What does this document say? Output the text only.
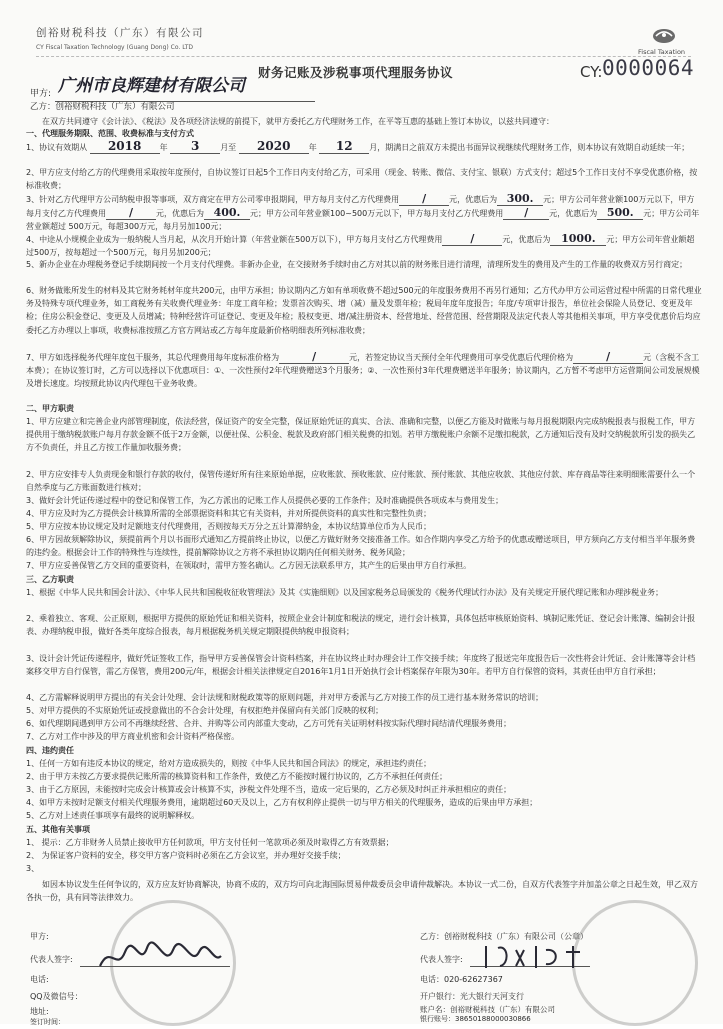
创裕财税科技（广东）有限公司
CY Fiscal Taxation Technology (Guang Dong) Co. LTD
Fiscal Taxation
财务记账及涉税事项代理服务协议	CY: 0000064
甲方: 广州市良辉建材有限公司
乙方：创裕财税科技（广东）有限公司
在双方共同遵守《会计法》、《税法》及各项经济法规的前提下，就甲方委托乙方代理财务工作，在平等互惠的基础上签订本协议，以兹共同遵守：
一、代理服务期限、范围、收费标准与支付方式
1、协议有效期从 2018 年 3	月至 2020 年 12 月，期满日之前双方未提出书面异议视继续代理财务工作，则本协议有效期自动延续一年；
2、甲方应支付给乙方的代理费用采取按年度预付，自协议签订日起5个工作日内支付给乙方，可采用（现金、转账、微信、支付宝、银联）方式支付；超过5个工作日支付不享受优惠价格，按标准收费；
3、针对乙方代理甲方公司纳税申报等事项，双方商定在甲方公司零申报期间，甲方每月支付乙方代理费用 /	元，优惠后为 300. 元；甲方公司年营业额100万元以下，甲方每月支付乙方代理费用 /	元，优惠后为 400. 元；甲方公司年营业额100~500万元以下，甲方每月支付乙方代理费用 /	元，优惠后为 500. 元；甲方公司年营业额超过 500万元，每超300万元，每月另加100元；
4、中途从小规模企业成为一般纳税人当月起，从次月开始计算（年营业额在500万以下），甲方每月支付乙方代理费用	/	元，优惠后为 1000. 元；甲方公司年营业额超过500万，按每超过一个500万元，每月另加200元；
5、新办企业在办理税务登记手续期间按一个月支付代理费。非新办企业，在交接财务手续时由乙方对其以前的财务账目进行清理，清理所发生的费用及产生的工作量的收费双方另行商定；
6、财务做账所发生的材料及其它财务耗材年度共200元，由甲方承担；协议期内乙方如有单项收费不超过500元的年度服务费用不再另行通知；乙方代办甲方公司运营过程中所需的日常代理业务及特殊专项代理业务，如工商税务有关收费代理业务：年度工商年检；发票首次购买、增（减）量及发票年检；税局年度年度报告；年度/专项审计报告，单位社会保险人员登记、变更及年检；住房公积金登记、变更及人员增减；特种经营许可证登记、变更及年检；股权变更、增/减注册资本、经营地址、经营范围、经营期限及法定代表人等其他相关事项，甲方享受优惠价后均应委托乙方办理以上事项，收费标准按照乙方官方网站或乙方每年度最新价格明细表所列标准收费；
7、甲方如选择税务代理年度包干服务，其总代理费用每年度标准价格为	/	元，若签定协议当天预付全年代理费用可享受优惠后代理价格为	/	元（含税不含工本费）；在协议签订时，乙方可以选择以下优惠项目：①、一次性预付2年代理费赠送3个月服务；②、一次性预付3年代理费赠送半年服务；协议期内，乙方暂不考虑甲方运营期间公司发展规模及增长速度。均按照此协议内代理包干业务收费。
二、甲方职责
1、甲方应建立和完善企业内部管理制度，依法经营，保证资产的安全完整，保证原始凭证的真实、合法、准确和完整，以便乙方能及时做账与每月报税期限内完成纳税报表与报税工作，甲方提供用于缴纳税款账户每月存款金额不低于2万金额，以便社保、公积金、税款及政府部门相关税费的扣划。若甲方缴税账户余额不足缴扣税款，乙方通知后没有及时交纳税款所引发的损失乙方不负责任，并且乙方按工作量加收服务费；
2、甲方应安排专人负责现金和银行存款的收付，保管传递好所有往来原始单据，应收账款、预收账款、应付账款、预付账款、其他应收款、其他应付款、库存商品等往来明细账需要什么一个自然季度与乙方账面数进行核对；
3、做好会计凭证传递过程中的登记和保管工作，为乙方派出的记账工作人员提供必要的工作条件；及时准确提供各项成本与费用发生；
4、甲方应及时为乙方提供会计核算所需的全部票据资料和其它有关资料，并对所提供资料的真实性和完整性负责；
5、甲方应按本协议规定及时足额地支付代理费用，否则按每天万分之五计算滞纳金，本协议结算单位币为人民币；
6、甲方因故须解除协议，须提前两个月以书面形式通知乙方提前终止协议，以便乙方做好财务交接准备工作。如合作期内享受乙方给予的优惠或赠送项目，甲方须向乙方支付相当半年服务费的违约金。根据会计工作的特殊性与连续性，提前解除协议之方将不承担协议期内任何相关财务、税务风险；
7、甲方应妥善保管乙方交回的重要资料，在领取时，需甲方签名确认。乙方因无法联系甲方，其产生的后果由甲方自行承担。
三、乙方职责
1、根据《中华人民共和国会计法》、《中华人民共和国税收征收管理法》及其《实施细则》以及国家税务总局颁发的《税务代理试行办法》及有关规定开展代理记账和办理涉税业务；
2、乘着独立、客观、公正原则，根据甲方提供的原始凭证和相关资料，按照企业会计制度和税法的规定，进行会计核算，具体包括审核原始资料、填制记账凭证、登记会计账簿、编制会计报表、办理纳税申报，做好各类年度综合报表，每月根据税务机关规定期限提供纳税申报资料；
3、设计会计凭证传递程序，做好凭证签收工作，指导甲方妥善保管会计资料档案，并在协议终止时办理会计工作交接手续；年度终了报送完年度报告后一次性将会计凭证、会计账簿等会计档案移交甲方自行保管，需乙方保管，费用200元/年，根据会计相关法律规定自2016年1月1日开始执行会计档案保存年限为30年。若甲方自行保管的资料，其责任由甲方自行承担；
4、乙方需解释说明甲方提出的有关会计处理、会计法规和财税政策等的原则问题，并对甲方委派与乙方对接工作的员工进行基本财务常识的培训；
5、对甲方提供的不实原始凭证或授意做出的不合会计处理，有权拒绝并保留向有关部门反映的权利；
6、如代理期间遇到甲方公司不再继续经营、合并、并购等公司内部重大变动，乙方可凭有关证明材料按实际代理时间结清代理服务费用；
7、乙方对工作中涉及的甲方商业机密和会计资料严格保密。
四、违约责任
1、任何一方如有违反本协议的规定，给对方造成损失的，则按《中华人民共和国合同法》的规定，承担违约责任；
2、由于甲方未按乙方要求提供记账所需的核算资料和工作条件，致使乙方不能按时履行协议的，乙方不承担任何责任；
3、由于乙方原因，未能按时完成会计核算或会计核算不实，涉税文件处理不当，造成一定后果的，乙方必须及时纠正并承担相应的责任；
4、如甲方未按时足额支付相关代理服务费用，逾期超过60天及以上，乙方有权利停止提供一切与甲方相关的代理服务，造成的后果由甲方承担；
5、乙方对上述责任事项享有最终的说明解释权。
五、其他有关事项
1、 提示：乙方非财务人员禁止接收甲方任何款项，甲方支付任何一笔款项必须及时取得乙方有效票据；
2、 为保证客户资料的安全，移交甲方客户资料时必须在乙方会议室，并办理好交接手续；
3、
如因本协议发生任何争议的，双方应友好协商解决，协商不成的，双方均可向北海国际贸易仲裁委员会申请仲裁解决。本协议一式二份，自双方代表签字并加盖公章之日起生效，甲乙双方各执一份，具有同等法律效力。
甲方:
代表人签字:
电话:
QQ及微信号：
地址:
签订时间：
乙方：创裕财税科技（广东）有限公司（公章）
代表人签字:
电话：020-62627367
开户银行：光大银行天河支行
账户名：创裕财税科技（广东）有限公司
银行账号：38650188000030866
